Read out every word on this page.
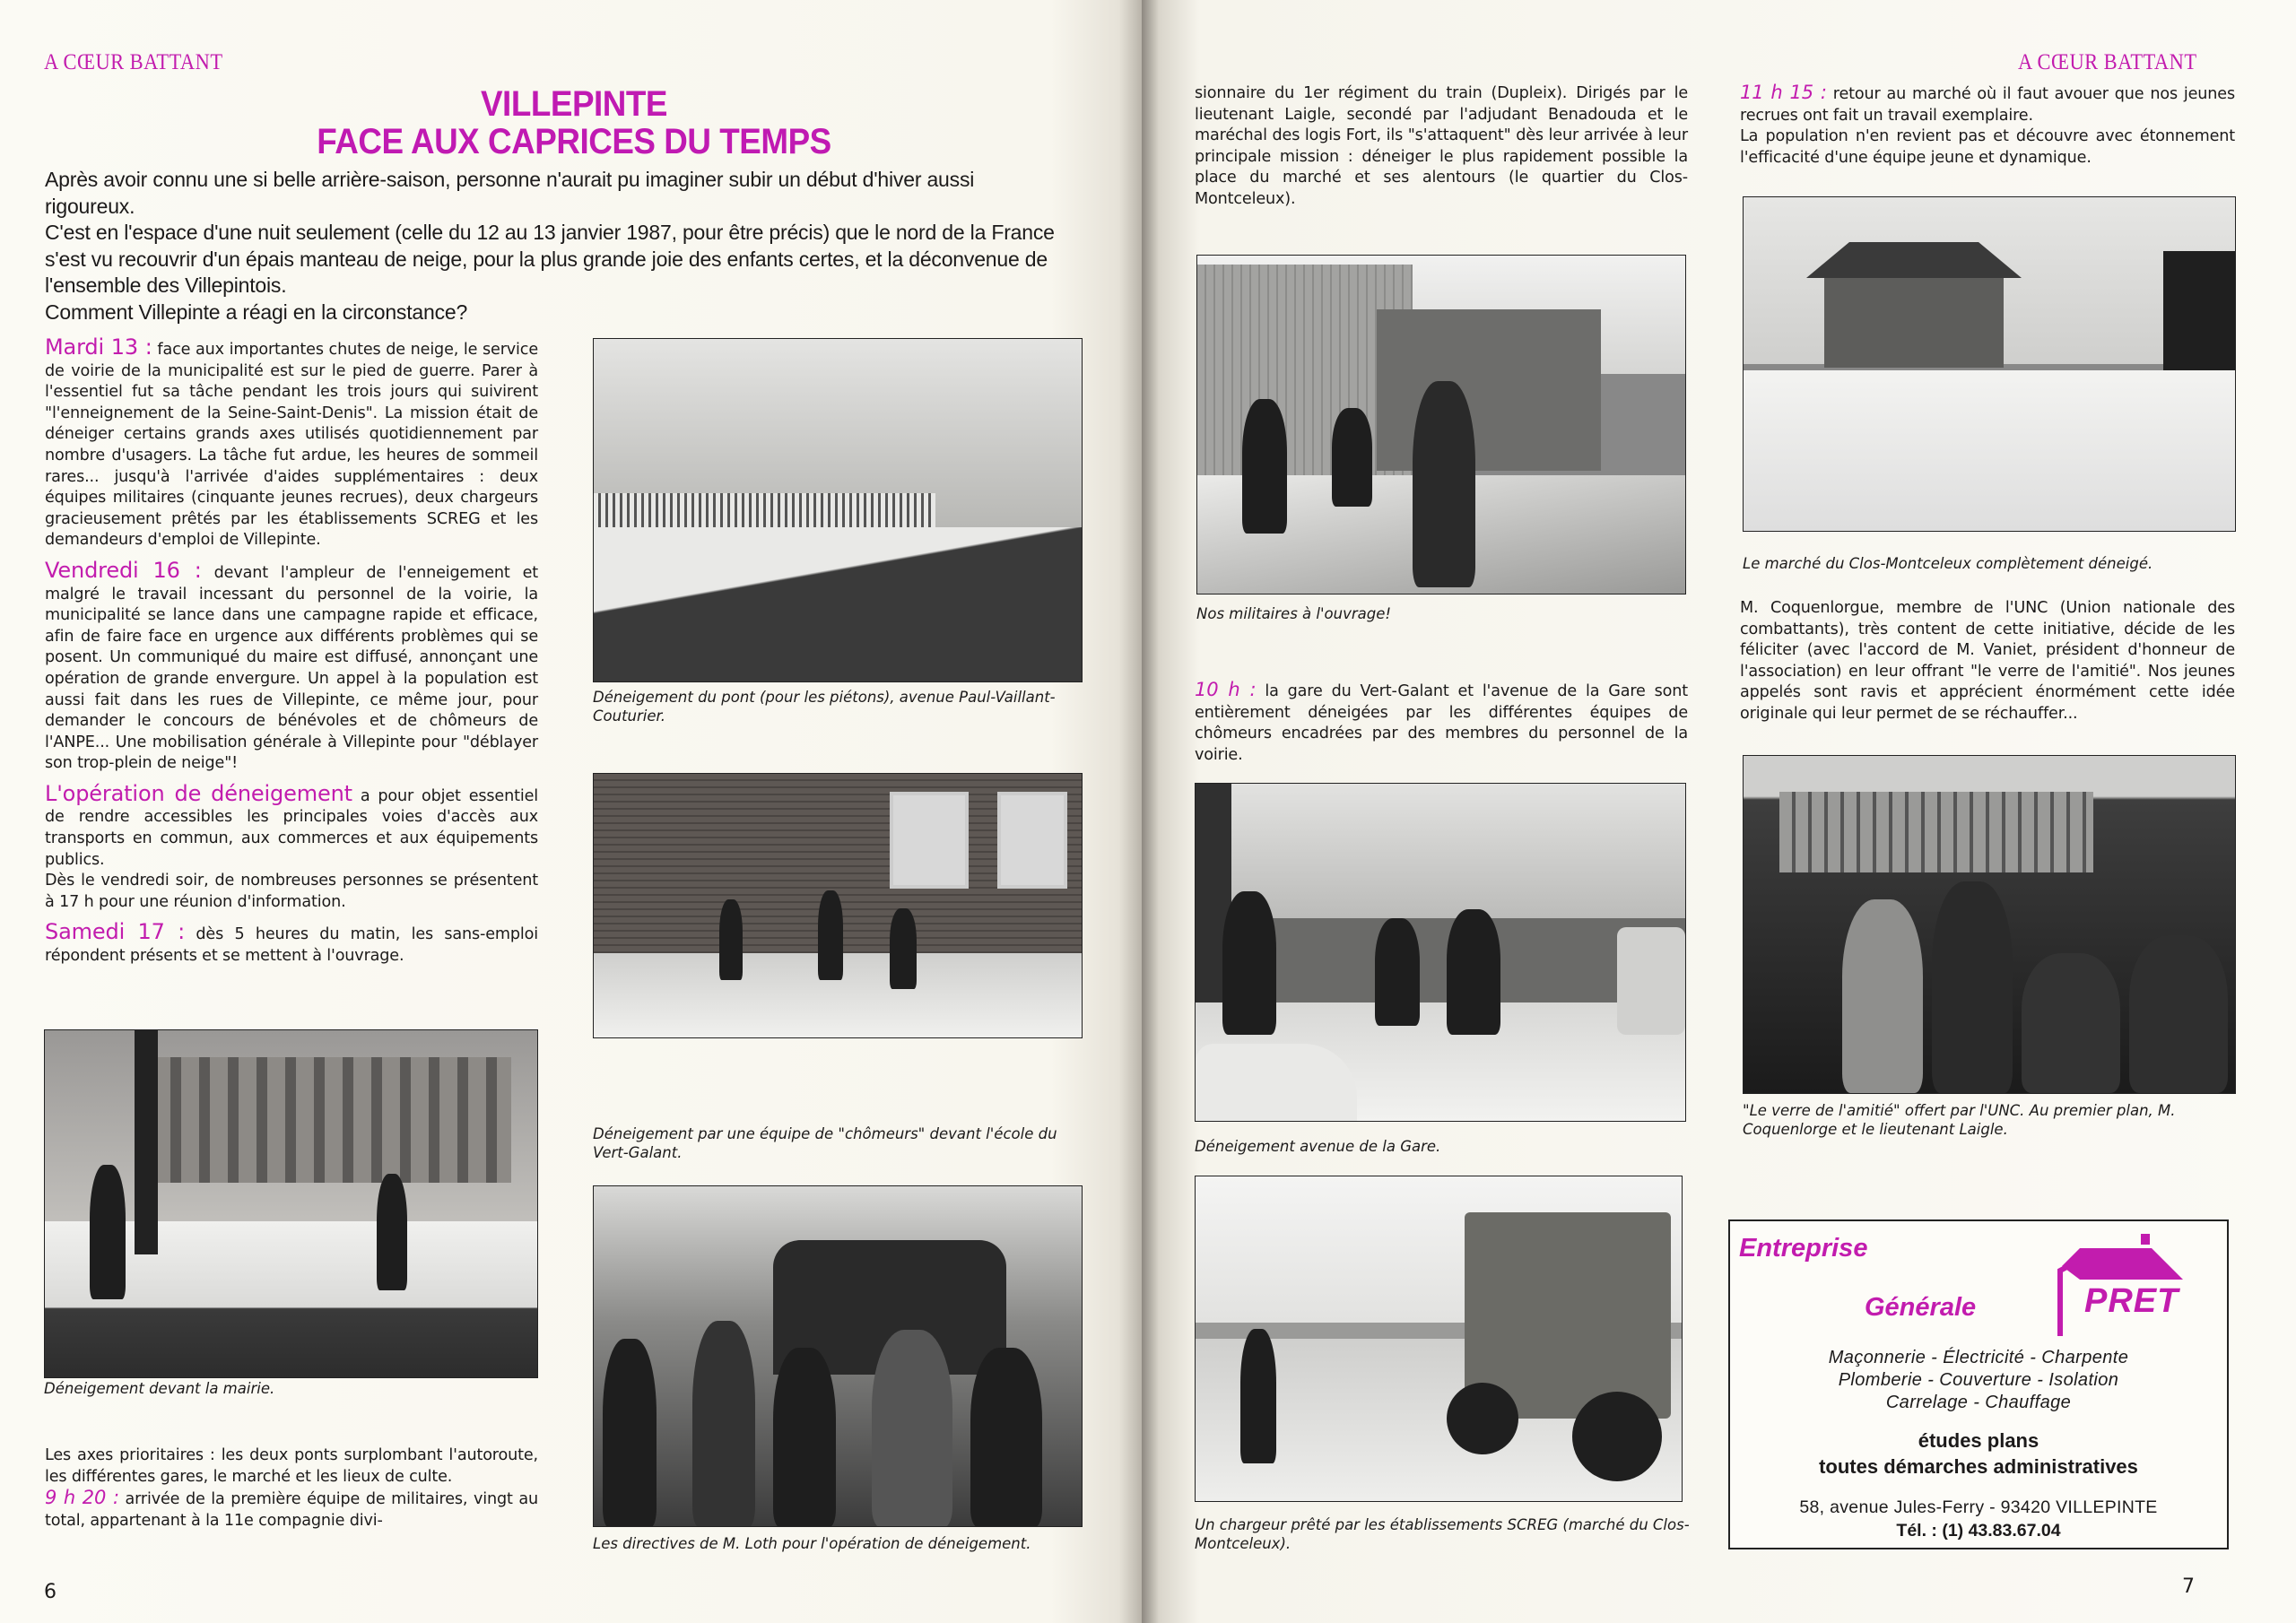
A CŒUR BATTANT	A CŒUR BATTANT
VILLEPINTE
FACE AUX CAPRICES DU TEMPS

Après avoir connu une si belle arrière-saison, personne n'aurait pu imaginer subir un début d'hiver aussi rigoureux.

C'est en l'espace d'une nuit seulement (celle du 12 au 13 janvier 1987, pour être précis) que le nord de la France s'est vu recouvrir d'un épais manteau de neige, pour la plus grande joie des enfants certes, et la déconvenue de l'ensemble des Villepintois.

Comment Villepinte a réagi en la circonstance?

Mardi 13 : face aux importantes chutes de neige, le service de voirie de la municipalité est sur le pied de guerre. Parer à l'essentiel fut sa tâche pendant les trois jours qui suivirent "l'enneignement de la Seine-Saint-Denis". La mission était de déneiger certains grands axes utilisés quotidiennement par nombre d'usagers. La tâche fut ardue, les heures de sommeil rares... jusqu'à l'arrivée d'aides supplémentaires : deux équipes militaires (cinquante jeunes recrues), deux chargeurs gracieusement prêtés par les établissements SCREG et les demandeurs d'emploi de Villepinte.

Vendredi 16 : devant l'ampleur de l'enneigement et malgré le travail incessant du personnel de la voirie, la municipalité se lance dans une campagne rapide et efficace, afin de faire face en urgence aux différents problèmes qui se posent. Un communiqué du maire est diffusé, annonçant une opération de grande envergure. Un appel à la population est aussi fait dans les rues de Villepinte, ce même jour, pour demander le concours de bénévoles et de chômeurs de l'ANPE... Une mobilisation générale à Villepinte pour "déblayer son trop-plein de neige"!

L'opération de déneigement a pour objet essentiel de rendre accessibles les principales voies d'accès aux transports en commun, aux commerces et aux équipements publics.

Dès le vendredi soir, de nombreuses personnes se présentent à 17 h pour une réunion d'information.

Samedi 17 : dès 5 heures du matin, les sans-emploi répondent présents et se mettent à l'ouvrage.

Les axes prioritaires : les deux ponts surplombant l'autoroute, les différentes gares, le marché et les lieux de culte.

9 h 20 : arrivée de la première équipe de militaires, vingt au total, appartenant à la 11e compagnie divi-

Déneigement du pont (pour les piétons), avenue Paul-Vaillant-Couturier.
Déneigement par une équipe de "chômeurs" devant l'école du Vert-Galant.
Les directives de M. Loth pour l'opération de déneigement.
Déneigement devant la mairie.
6

sionnaire du 1er régiment du train (Dupleix). Dirigés par le lieutenant Laigle, secondé par l'adjudant Benadouda et le maréchal des logis Fort, ils "s'attaquent" dès leur arrivée à leur principale mission : déneiger le plus rapidement possible la place du marché et ses alentours (le quartier du Clos-Montceleux).

Nos militaires à l'ouvrage!

10 h : la gare du Vert-Galant et l'avenue de la Gare sont entièrement déneigées par les différentes équipes de chômeurs encadrées par des membres du personnel de la voirie.

Déneigement avenue de la Gare.
Un chargeur prêté par les établissements SCREG (marché du Clos-Montceleux).

11 h 15 : retour au marché où il faut avouer que nos jeunes recrues ont fait un travail exemplaire.

La population n'en revient pas et découvre avec étonnement l'efficacité d'une équipe jeune et dynamique.

Le marché du Clos-Montceleux complètement déneigé.

M. Coquenlorgue, membre de l'UNC (Union nationale des combattants), très content de cette initiative, décide de les féliciter (avec l'accord de M. Vaniet, président d'honneur de l'association) en leur offrant "le verre de l'amitié". Nos jeunes appelés sont ravis et apprécient énormément cette idée originale qui leur permet de se réchauffer...

"Le verre de l'amitié" offert par l'UNC. Au premier plan, M. Coquenlorge et le lieutenant Laigle.
Entreprise
Générale	PRET
Maçonnerie - Électricité - Charpente
Plomberie - Couverture - Isolation
Carrelage - Chauffage
études plans
toutes démarches administratives
58, avenue Jules-Ferry - 93420 VILLEPINTE
Tél. : (1) 43.83.67.04
7
